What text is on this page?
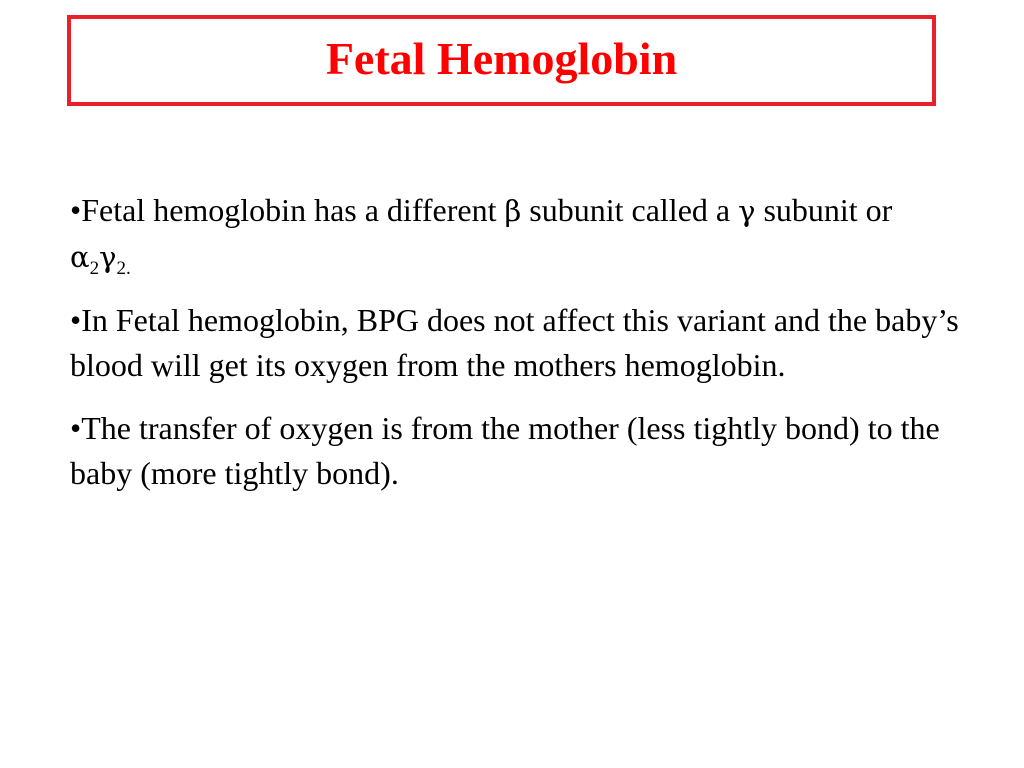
Fetal Hemoglobin

•Fetal hemoglobin has a different β subunit called a γ subunit or $\alpha_2\gamma_{2.}$

•In Fetal hemoglobin, BPG does not affect this variant and the baby’s blood will get its oxygen from the mothers hemoglobin.

•The transfer of oxygen is from the mother (less tightly bond) to the baby (more tightly bond).
